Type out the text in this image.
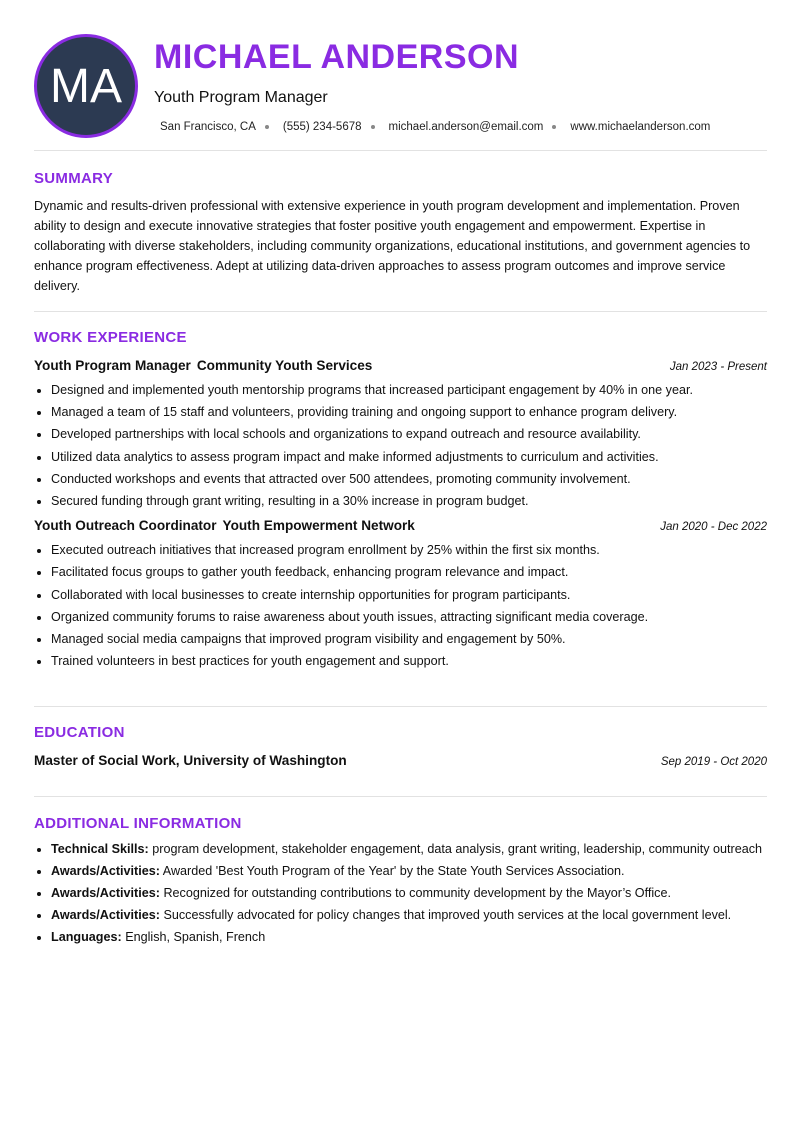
MA
MICHAEL ANDERSON
Youth Program Manager
San Francisco, CA (555) 234-5678 michael.anderson@email.com www.michaelanderson.com
SUMMARY

Dynamic and results-driven professional with extensive experience in youth program development and implementation. Proven ability to design and execute innovative strategies that foster positive youth engagement and empowerment. Expertise in collaborating with diverse stakeholders, including community organizations, educational institutions, and government agencies to enhance program effectiveness. Adept at utilizing data-driven approaches to assess program outcomes and improve service delivery.

WORK EXPERIENCE
Youth Program Manager Community Youth Services	Jan 2023 - Present
• Designed and implemented youth mentorship programs that increased participant engagement by 40% in one year.
• Managed a team of 15 staff and volunteers, providing training and ongoing support to enhance program delivery.
• Developed partnerships with local schools and organizations to expand outreach and resource availability.
• Utilized data analytics to assess program impact and make informed adjustments to curriculum and activities.
• Conducted workshops and events that attracted over 500 attendees, promoting community involvement.
• Secured funding through grant writing, resulting in a 30% increase in program budget.
Youth Outreach Coordinator Youth Empowerment Network	Jan 2020 - Dec 2022
• Executed outreach initiatives that increased program enrollment by 25% within the first six months.
• Facilitated focus groups to gather youth feedback, enhancing program relevance and impact.
• Collaborated with local businesses to create internship opportunities for program participants.
• Organized community forums to raise awareness about youth issues, attracting significant media coverage.
• Managed social media campaigns that improved program visibility and engagement by 50%.
• Trained volunteers in best practices for youth engagement and support.
EDUCATION
Master of Social Work, University of Washington	Sep 2019 - Oct 2020
ADDITIONAL INFORMATION
• Technical Skills: program development, stakeholder engagement, data analysis, grant writing, leadership, community outreach
• Awards/Activities: Awarded 'Best Youth Program of the Year' by the State Youth Services Association.
• Awards/Activities: Recognized for outstanding contributions to community development by the Mayor’s Office.
• Awards/Activities: Successfully advocated for policy changes that improved youth services at the local government level.
• Languages: English, Spanish, French
